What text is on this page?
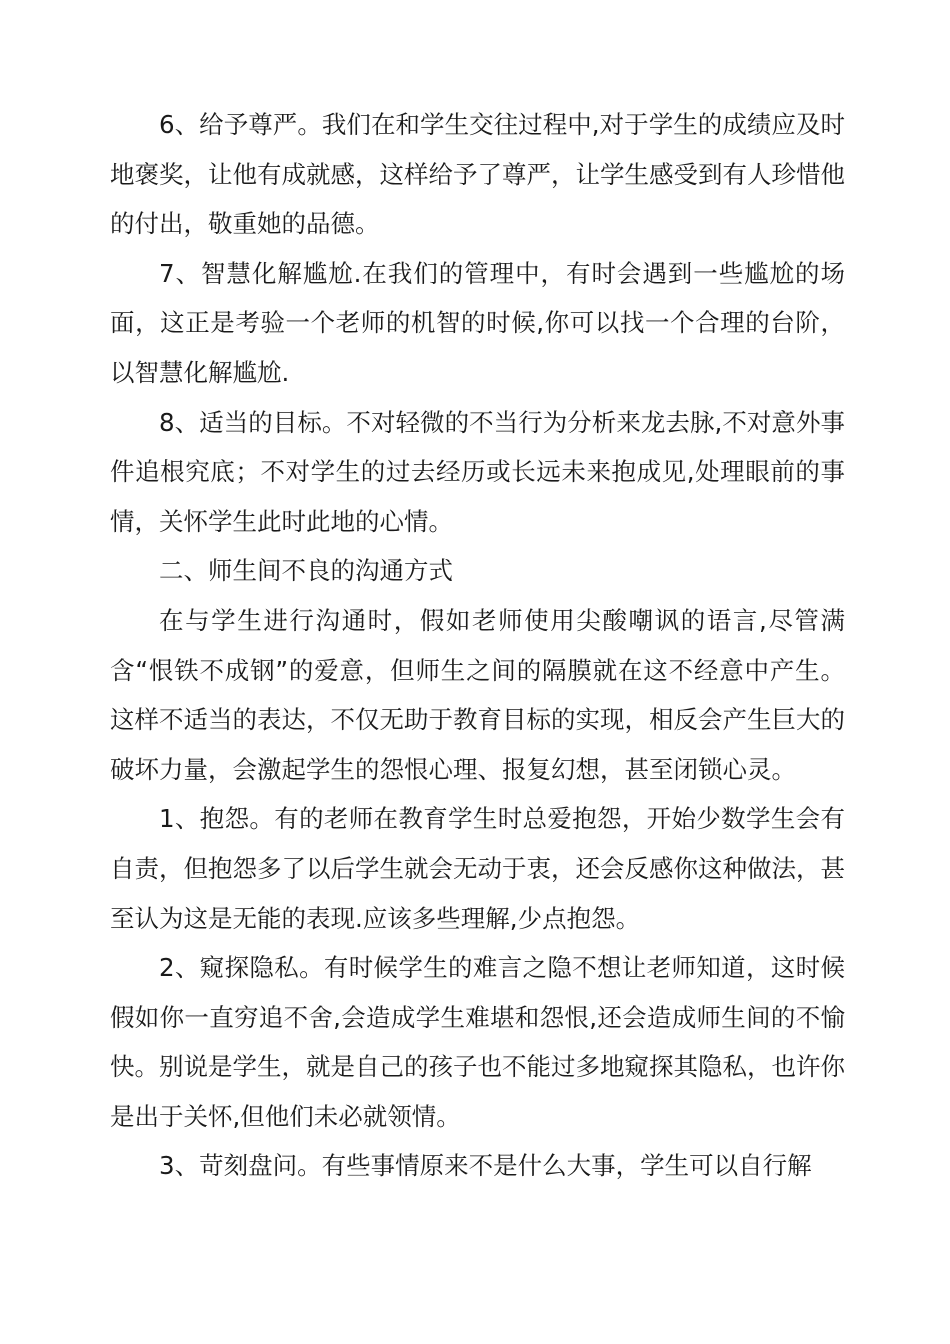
6、给予尊严。我们在和学生交往过程中,对于学生的成绩应及时地褒奖，让他有成就感，这样给予了尊严，让学生感受到有人珍惜他的付出，敬重她的品德。

7、智慧化解尴尬.在我们的管理中，有时会遇到一些尴尬的场面，这正是考验一个老师的机智的时候,你可以找一个合理的台阶，以智慧化解尴尬.

8、适当的目标。不对轻微的不当行为分析来龙去脉,不对意外事件追根究底；不对学生的过去经历或长远未来抱成见,处理眼前的事情，关怀学生此时此地的心情。

二、师生间不良的沟通方式

在与学生进行沟通时，假如老师使用尖酸嘲讽的语言,尽管满含“恨铁不成钢”的爱意，但师生之间的隔膜就在这不经意中产生。这样不适当的表达，不仅无助于教育目标的实现，相反会产生巨大的破坏力量，会激起学生的怨恨心理、报复幻想，甚至闭锁心灵。

1、抱怨。有的老师在教育学生时总爱抱怨，开始少数学生会有自责，但抱怨多了以后学生就会无动于衷，还会反感你这种做法，甚至认为这是无能的表现.应该多些理解,少点抱怨。

2、窥探隐私。有时候学生的难言之隐不想让老师知道，这时候假如你一直穷追不舍,会造成学生难堪和怨恨,还会造成师生间的不愉快。别说是学生，就是自己的孩子也不能过多地窥探其隐私，也许你是出于关怀,但他们未必就领情。

3、苛刻盘问。有些事情原来不是什么大事，学生可以自行解
